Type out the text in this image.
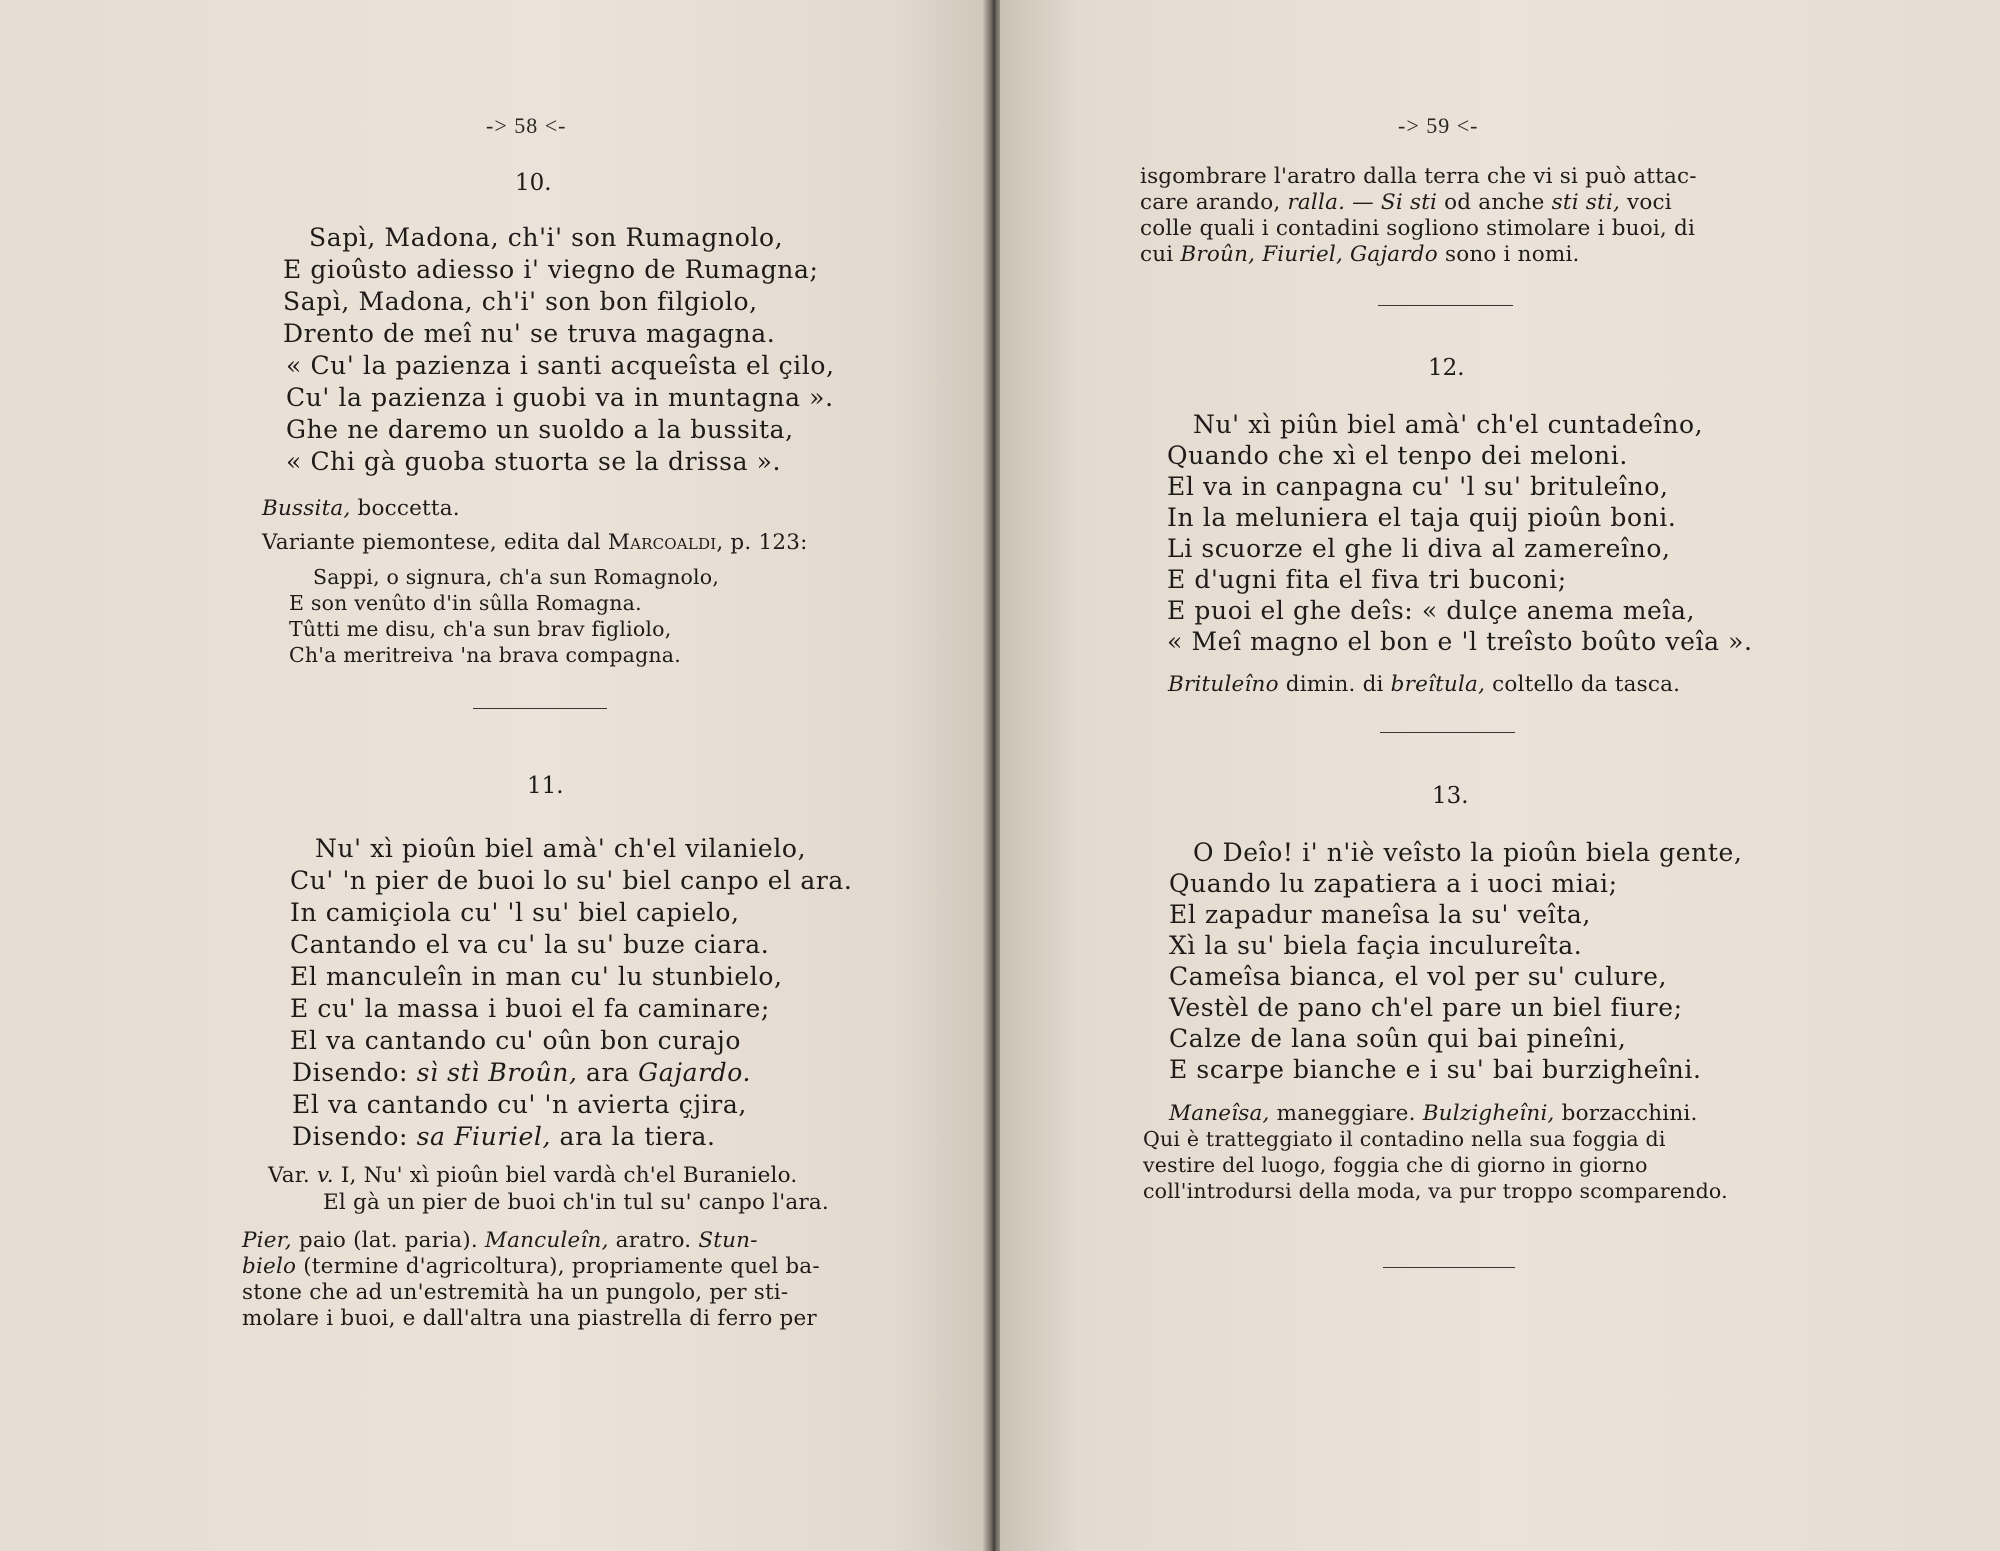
-> 58 <-
10.
Sapì, Madona, ch'i' son Rumagnolo,
E gioûsto adiesso i' viegno de Rumagna;
Sapì, Madona, ch'i' son bon filgiolo,
Drento de meî nu' se truva magagna.
« Cu' la pazienza i santi acqueîsta el çilo,
Cu' la pazienza i guobi va in muntagna ».
Ghe ne daremo un suoldo a la bussita,
« Chi gà guoba stuorta se la drissa ».
Bussita, boccetta.
Variante piemontese, edita dal Marcoaldi, p. 123:
Sappi, o signura, ch'a sun Romagnolo,
E son venûto d'in sûlla Romagna.
Tûtti me disu, ch'a sun brav figliolo,
Ch'a meritreiva 'na brava compagna.
11.
Nu' xì pioûn biel amà' ch'el vilanielo,
Cu' 'n pier de buoi lo su' biel canpo el ara.
In camiçiola cu' 'l su' biel capielo,
Cantando el va cu' la su' buze ciara.
El manculeîn in man cu' lu stunbielo,
E cu' la massa i buoi el fa caminare;
El va cantando cu' oûn bon curajo
Disendo: sì stì Broûn, ara Gajardo.
El va cantando cu' 'n avierta çjira,
Disendo: sa Fiuriel, ara la tiera.
Var. v. I, Nu' xì pioûn biel vardà ch'el Buranielo.
El gà un pier de buoi ch'in tul su' canpo l'ara.
Pier, paio (lat. paria). Manculeîn, aratro. Stun-
bielo (termine d'agricoltura), propriamente quel ba-
stone che ad un'estremità ha un pungolo, per sti-
molare i buoi, e dall'altra una piastrella di ferro per
-> 59 <-
isgombrare l'aratro dalla terra che vi si può attac-
care arando, ralla. — Si sti od anche sti sti, voci
colle quali i contadini sogliono stimolare i buoi, di
cui Broûn, Fiuriel, Gajardo sono i nomi.
12.
Nu' xì piûn biel amà' ch'el cuntadeîno,
Quando che xì el tenpo dei meloni.
El va in canpagna cu' 'l su' brituleîno,
In la meluniera el taja quij pioûn boni.
Li scuorze el ghe li diva al zamereîno,
E d'ugni fita el fiva tri buconi;
E puoi el ghe deîs: « dulçe anema meîa,
« Meî magno el bon e 'l treîsto boûto veîa ».
Brituleîno dimin. di breîtula, coltello da tasca.
13.
O Deîo! i' n'iè veîsto la pioûn biela gente,
Quando lu zapatiera a i uoci miai;
El zapadur maneîsa la su' veîta,
Xì la su' biela façia inculureîta.
Cameîsa bianca, el vol per su' culure,
Vestèl de pano ch'el pare un biel fiure;
Calze de lana soûn qui bai pineîni,
E scarpe bianche e i su' bai burzigheîni.
Maneîsa, maneggiare. Bulzigheîni, borzacchini.
Qui è tratteggiato il contadino nella sua foggia di
vestire del luogo, foggia che di giorno in giorno
coll'introdursi della moda, va pur troppo scomparendo.
